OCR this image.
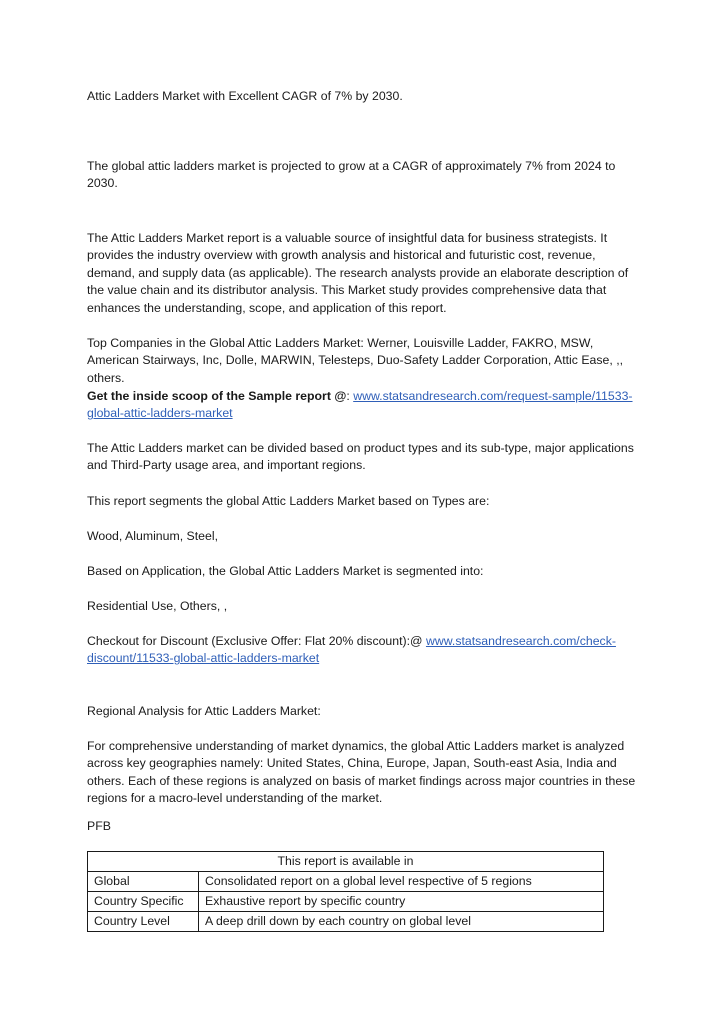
Attic Ladders Market with Excellent CAGR of 7% by 2030.

The global attic ladders market is projected to grow at a CAGR of approximately 7% from 2024 to 2030.

The Attic Ladders Market report is a valuable source of insightful data for business strategists. It provides the industry overview with growth analysis and historical and futuristic cost, revenue, demand, and supply data (as applicable). The research analysts provide an elaborate description of the value chain and its distributor analysis. This Market study provides comprehensive data that enhances the understanding, scope, and application of this report.

Top Companies in the Global Attic Ladders Market: Werner, Louisville Ladder, FAKRO, MSW, American Stairways, Inc, Dolle, MARWIN, Telesteps, Duo-Safety Ladder Corporation, Attic Ease, ,, others.

Get the inside scoop of the Sample report @: www.statsandresearch.com/request-sample/11533-global-attic-ladders-market

The Attic Ladders market can be divided based on product types and its sub-type, major applications and Third-Party usage area, and important regions.

This report segments the global Attic Ladders Market based on Types are:

Wood, Aluminum, Steel,

Based on Application, the Global Attic Ladders Market is segmented into:

Residential Use, Others, ,

Checkout for Discount (Exclusive Offer: Flat 20% discount):@ www.statsandresearch.com/check-discount/11533-global-attic-ladders-market

Regional Analysis for Attic Ladders Market:

For comprehensive understanding of market dynamics, the global Attic Ladders market is analyzed across key geographies namely: United States, China, Europe, Japan, South-east Asia, India and others. Each of these regions is analyzed on basis of market findings across major countries in these regions for a macro-level understanding of the market.

PFB

This report is available in	
Global	Consolidated report on a global level respective of 5 regions
Country Specific	Exhaustive report by specific country
Country Level	A deep drill down by each country on global level
